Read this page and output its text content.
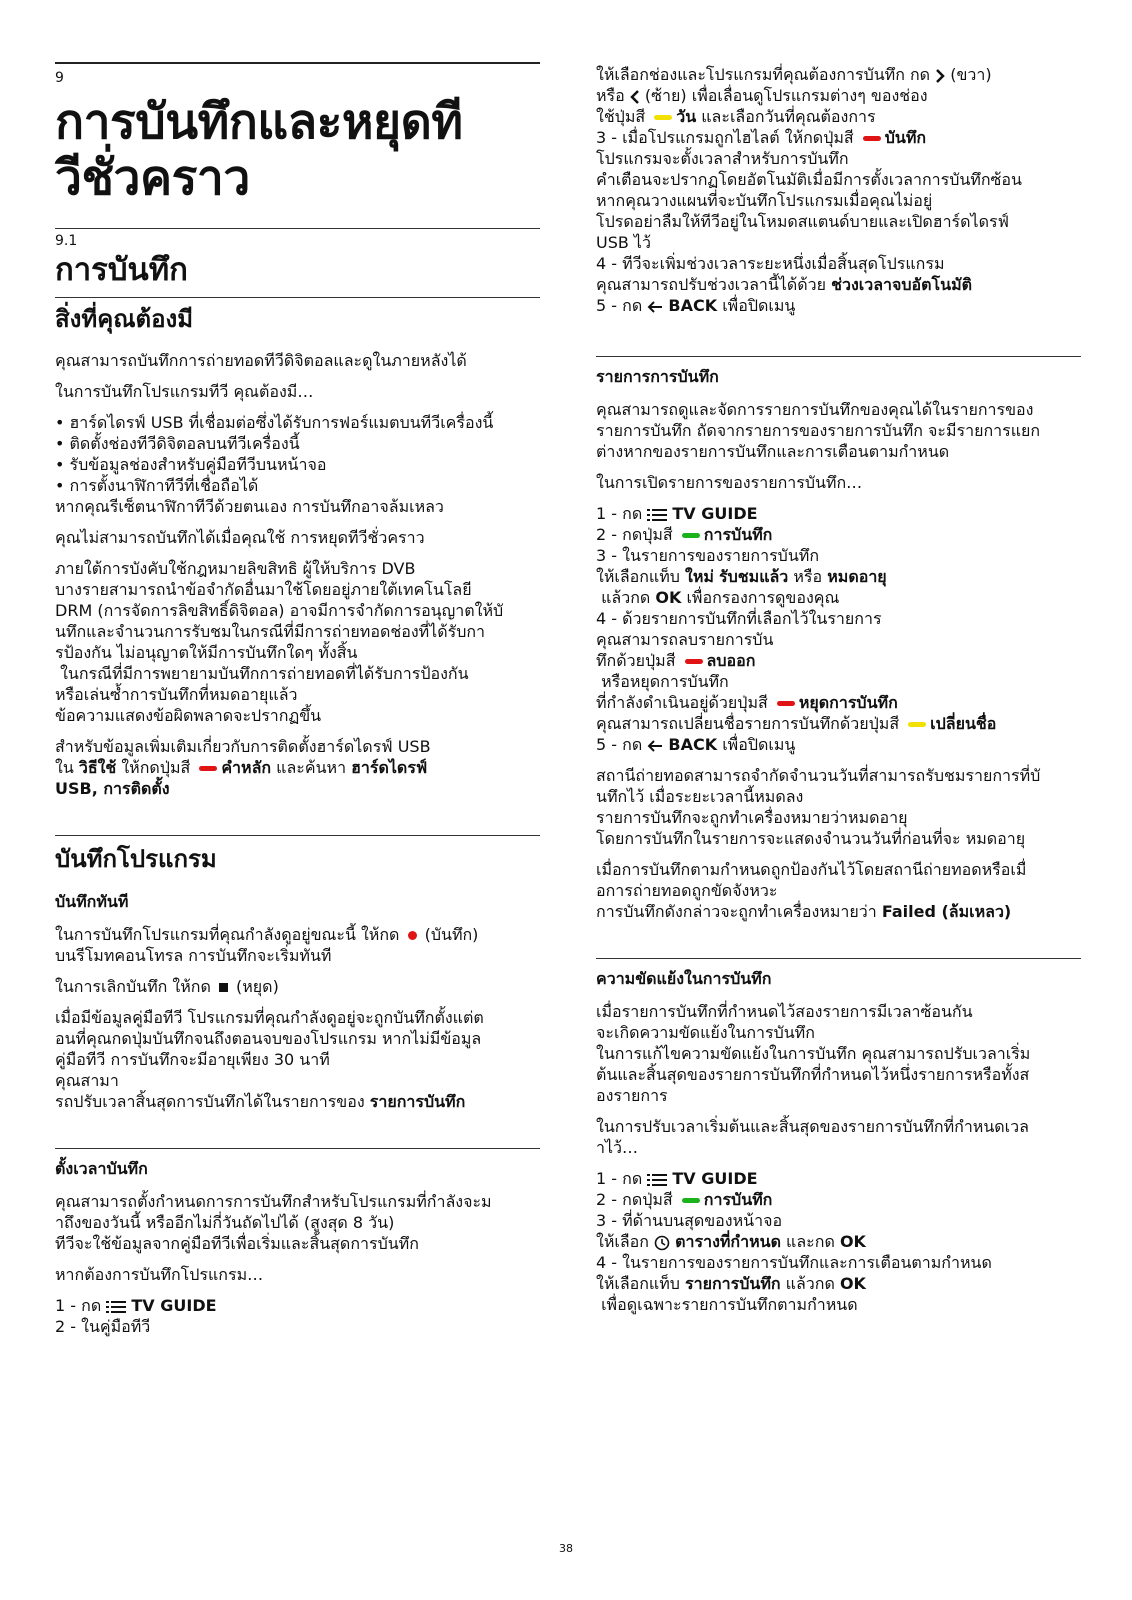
9
การบันทึกและหยุดที
วีชั่วคราว
9.1
การบันทึก
สิ่งที่คุณต้องมี

คุณสามารถบันทึกการถ่ายทอดทีวีดิจิตอลและดูในภายหลังได้

ในการบันทึกโปรแกรมทีวี คุณต้องมี…

• ฮาร์ดไดรฟ์ USB ที่เชื่อมต่อซึ่งได้รับการฟอร์แมตบนทีวีเครื่องนี้

• ติดตั้งช่องทีวีดิจิตอลบนทีวีเครื่องนี้

• รับข้อมูลช่องสำหรับคู่มือทีวีบนหน้าจอ

• การตั้งนาฬิกาทีวีที่เชื่อถือได้

หากคุณรีเซ็ตนาฬิกาทีวีด้วยตนเอง การบันทึกอาจล้มเหลว

คุณไม่สามารถบันทึกได้เมื่อคุณใช้ การหยุดทีวีชั่วคราว

ภายใต้การบังคับใช้กฎหมายลิขสิทธิ ผู้ให้บริการ DVB

บางรายสามารถนำข้อจำกัดอื่นมาใช้โดยอยู่ภายใต้เทคโนโลยี

DRM (การจัดการลิขสิทธิ์ดิจิตอล) อาจมีการจำกัดการอนุญาตให้บั

นทึกและจำนวนการรับชมในกรณีที่มีการถ่ายทอดช่องที่ได้รับกา

รป้องกัน ไม่อนุญาตให้มีการบันทึกใดๆ ทั้งสิ้น

ในกรณีที่มีการพยายามบันทึกการถ่ายทอดที่ได้รับการป้องกัน

หรือเล่นซ้ำการบันทึกที่หมดอายุแล้ว

ข้อความแสดงข้อผิดพลาดจะปรากฏขึ้น

สำหรับข้อมูลเพิ่มเติมเกี่ยวกับการติดตั้งฮาร์ดไดรฟ์ USB

ใน วิธีใช้ ให้กดปุ่มสี คำหลัก และค้นหา ฮาร์ดไดรฟ์

USB, การติดตั้ง

บันทึกโปรแกรม
บันทึกทันที

ในการบันทึกโปรแกรมที่คุณกำลังดูอยู่ขณะนี้ ให้กด  (บันทึก)

บนรีโมทคอนโทรล การบันทึกจะเริ่มทันที

ในการเลิกบันทึก ให้กด  (หยุด)

เมื่อมีข้อมูลคู่มือทีวี โปรแกรมที่คุณกำลังดูอยู่จะถูกบันทึกตั้งแต่ต

อนที่คุณกดปุ่มบันทึกจนถึงตอนจบของโปรแกรม หากไม่มีข้อมูล

คู่มือทีวี การบันทึกจะมีอายุเพียง 30 นาที

คุณสามา

รถปรับเวลาสิ้นสุดการบันทึกได้ในรายการของ รายการบันทึก

ตั้งเวลาบันทึก

คุณสามารถตั้งกำหนดการการบันทึกสำหรับโปรแกรมที่กำลังจะม

าถึงของวันนี้ หรืออีกไม่กี่วันถัดไปได้ (สูงสุด 8 วัน)

ทีวีจะใช้ข้อมูลจากคู่มือทีวีเพื่อเริ่มและสิ้นสุดการบันทึก

หากต้องการบันทึกโปรแกรม…

1 - กด  TV GUIDE

2 - ในคู่มือทีวี

ให้เลือกช่องและโปรแกรมที่คุณต้องการบันทึก กด  (ขวา)

หรือ  (ซ้าย) เพื่อเลื่อนดูโปรแกรมต่างๆ ของช่อง

ใช้ปุ่มสี วัน และเลือกวันที่คุณต้องการ

3 - เมื่อโปรแกรมถูกไฮไลต์ ให้กดปุ่มสี บันทึก

โปรแกรมจะตั้งเวลาสำหรับการบันทึก

คำเตือนจะปรากฏโดยอัตโนมัติเมื่อมีการตั้งเวลาการบันทึกซ้อน

หากคุณวางแผนที่จะบันทึกโปรแกรมเมื่อคุณไม่อยู่

โปรดอย่าลืมให้ทีวีอยู่ในโหมดสแตนด์บายและเปิดฮาร์ดไดรฟ์

USB ไว้

4 - ทีวีจะเพิ่มช่วงเวลาระยะหนึ่งเมื่อสิ้นสุดโปรแกรม

คุณสามารถปรับช่วงเวลานี้ได้ด้วย ช่วงเวลาจบอัตโนมัติ

5 - กด  BACK เพื่อปิดเมนู

รายการการบันทึก

คุณสามารถดูและจัดการรายการบันทึกของคุณได้ในรายการของ

รายการบันทึก ถัดจากรายการของรายการบันทึก จะมีรายการแยก

ต่างหากของรายการบันทึกและการเตือนตามกำหนด

ในการเปิดรายการของรายการบันทึก…

1 - กด  TV GUIDE

2 - กดปุ่มสี การบันทึก

3 - ในรายการของรายการบันทึก

ให้เลือกแท็บ ใหม่ รับชมแล้ว หรือ หมดอายุ

แล้วกด OK เพื่อกรองการดูของคุณ

4 - ด้วยรายการบันทึกที่เลือกไว้ในรายการ

คุณสามารถลบรายการบัน

ทึกด้วยปุ่มสี ลบออก

หรือหยุดการบันทึก

ที่กำลังดำเนินอยู่ด้วยปุ่มสี หยุดการบันทึก

คุณสามารถเปลี่ยนชื่อรายการบันทึกด้วยปุ่มสี เปลี่ยนชื่อ

5 - กด  BACK เพื่อปิดเมนู

สถานีถ่ายทอดสามารถจำกัดจำนวนวันที่สามารถรับชมรายการที่บั

นทึกไว้ เมื่อระยะเวลานี้หมดลง

รายการบันทึกจะถูกทำเครื่องหมายว่าหมดอายุ

โดยการบันทึกในรายการจะแสดงจำนวนวันที่ก่อนที่จะ หมดอายุ

เมื่อการบันทึกตามกำหนดถูกป้องกันไว้โดยสถานีถ่ายทอดหรือเมื่

อการถ่ายทอดถูกขัดจังหวะ

การบันทึกดังกล่าวจะถูกทำเครื่องหมายว่า Failed (ล้มเหลว)

ความขัดแย้งในการบันทึก

เมื่อรายการบันทึกที่กำหนดไว้สองรายการมีเวลาซ้อนกัน

จะเกิดความขัดแย้งในการบันทึก

ในการแก้ไขความขัดแย้งในการบันทึก คุณสามารถปรับเวลาเริ่ม

ต้นและสิ้นสุดของรายการบันทึกที่กำหนดไว้หนึ่งรายการหรือทั้งส

องรายการ

ในการปรับเวลาเริ่มต้นและสิ้นสุดของรายการบันทึกที่กำหนดเวล

าไว้…

1 - กด  TV GUIDE

2 - กดปุ่มสี การบันทึก

3 - ที่ด้านบนสุดของหน้าจอ

ให้เลือก  ตารางที่กำหนด และกด OK

4 - ในรายการของรายการบันทึกและการเตือนตามกำหนด

ให้เลือกแท็บ รายการบันทึก แล้วกด OK

เพื่อดูเฉพาะรายการบันทึกตามกำหนด

38
